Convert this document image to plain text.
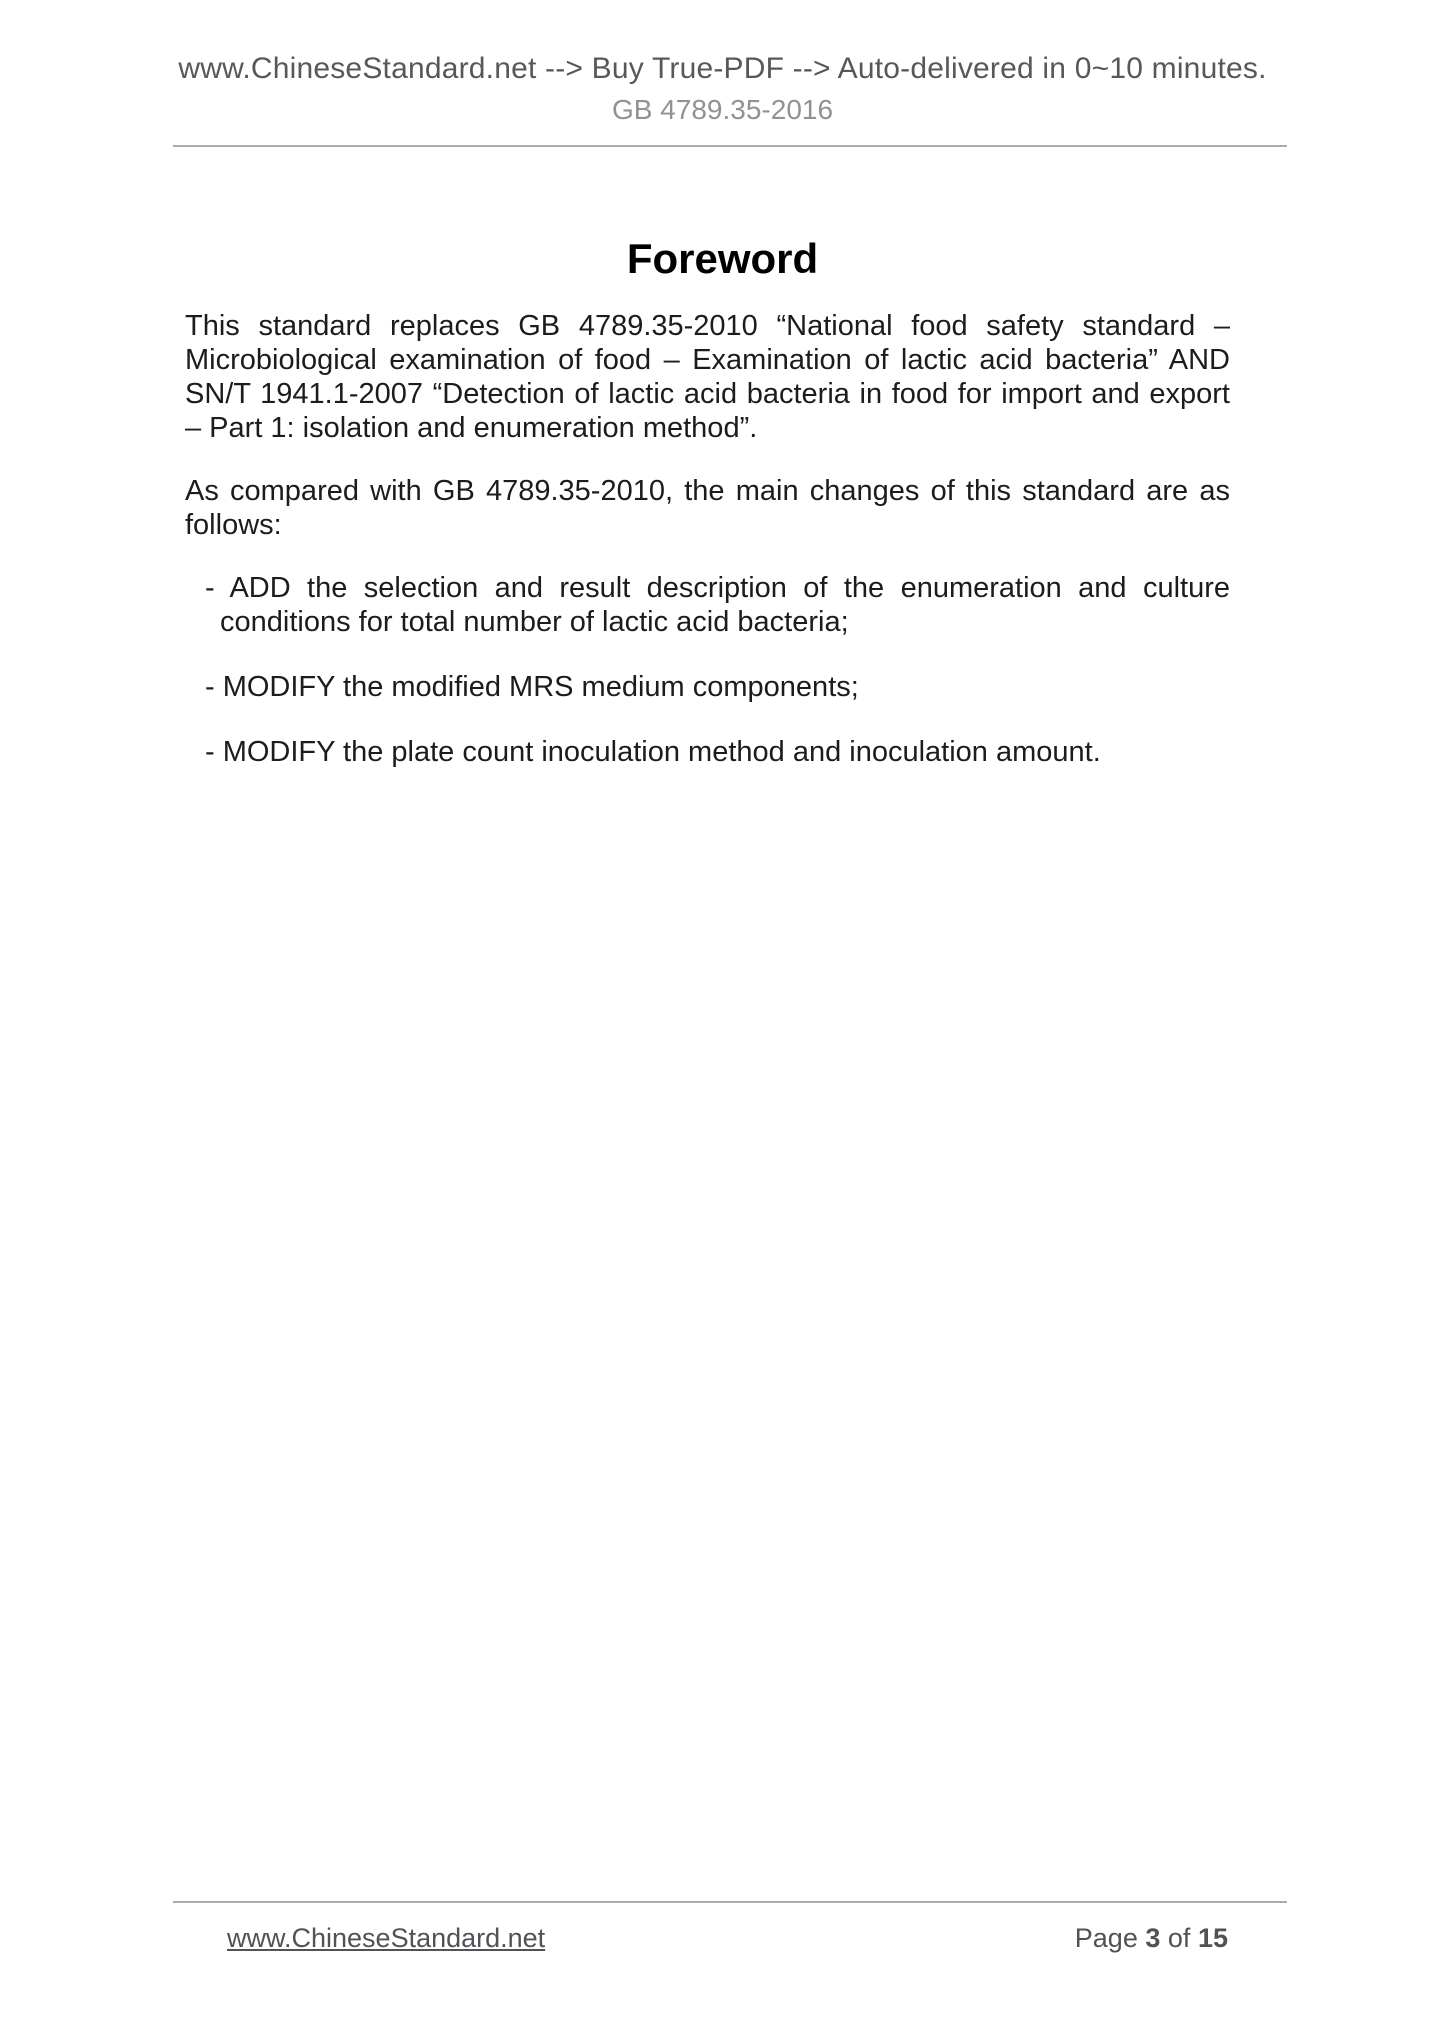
www.ChineseStandard.net --> Buy True-PDF --> Auto-delivered in 0~10 minutes.
GB 4789.35-2016
Foreword

This standard replaces GB 4789.35-2010 “National food safety standard – Microbiological examination of food – Examination of lactic acid bacteria” AND SN/T 1941.1-2007 “Detection of lactic acid bacteria in food for import and export – Part 1: isolation and enumeration method”.

As compared with GB 4789.35-2010, the main changes of this standard are as follows:

- ADD the selection and result description of the enumeration and culture conditions for total number of lactic acid bacteria;
- MODIFY the modified MRS medium components;
- MODIFY the plate count inoculation method and inoculation amount.
www.ChineseStandard.net	Page 3 of 15
